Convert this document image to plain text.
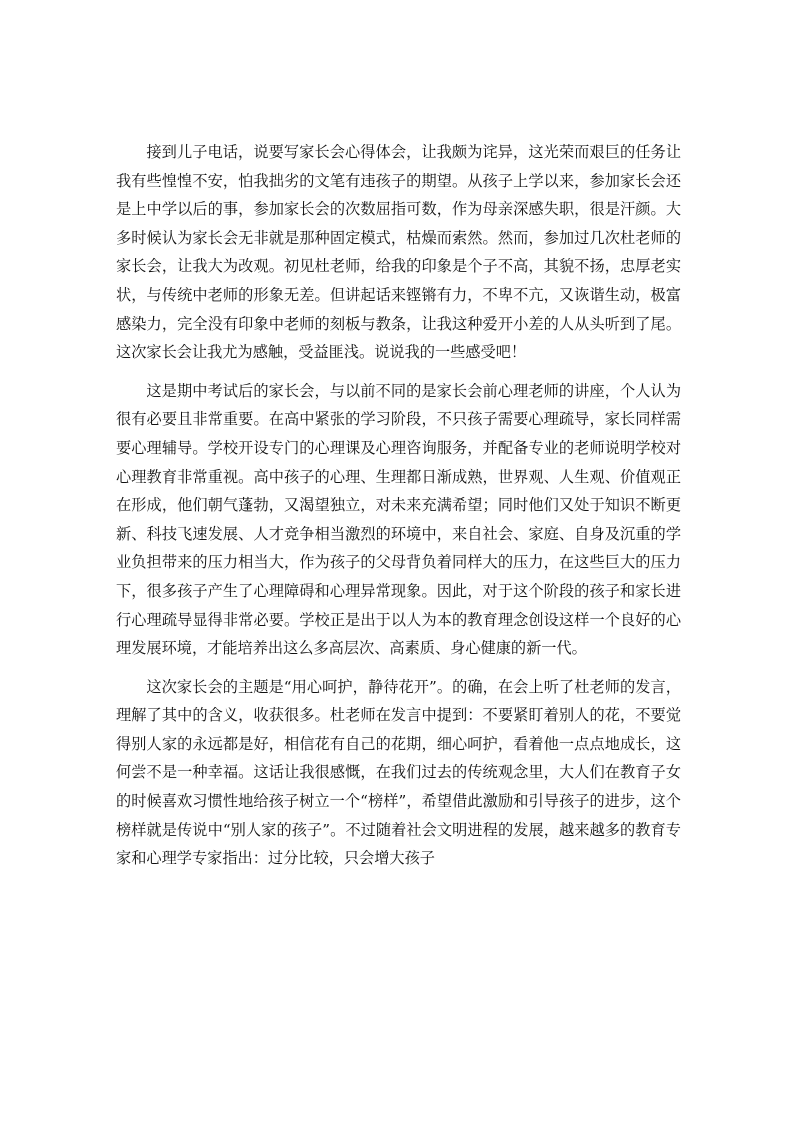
接到儿子电话，说要写家长会心得体会，让我颇为诧异，这光荣而艰巨的任务让我有些惶惶不安，怕我拙劣的文笔有违孩子的期望。从孩子上学以来，参加家长会还是上中学以后的事，参加家长会的次数屈指可数，作为母亲深感失职，很是汗颜。大多时候认为家长会无非就是那种固定模式，枯燥而索然。然而，参加过几次杜老师的家长会，让我大为改观。初见杜老师，给我的印象是个子不高，其貌不扬，忠厚老实状，与传统中老师的形象无差。但讲起话来铿锵有力，不卑不亢，又诙谐生动，极富感染力，完全没有印象中老师的刻板与教条，让我这种爱开小差的人从头听到了尾。这次家长会让我尤为感触，受益匪浅。说说我的一些感受吧！

这是期中考试后的家长会，与以前不同的是家长会前心理老师的讲座，个人认为很有必要且非常重要。在高中紧张的学习阶段，不只孩子需要心理疏导，家长同样需要心理辅导。学校开设专门的心理课及心理咨询服务，并配备专业的老师说明学校对心理教育非常重视。高中孩子的心理、生理都日渐成熟，世界观、人生观、价值观正在形成，他们朝气蓬勃，又渴望独立，对未来充满希望；同时他们又处于知识不断更新、科技飞速发展、人才竞争相当激烈的环境中，来自社会、家庭、自身及沉重的学业负担带来的压力相当大，作为孩子的父母背负着同样大的压力，在这些巨大的压力下，很多孩子产生了心理障碍和心理异常现象。因此，对于这个阶段的孩子和家长进行心理疏导显得非常必要。学校正是出于以人为本的教育理念创设这样一个良好的心理发展环境，才能培养出这么多高层次、高素质、身心健康的新一代。

这次家长会的主题是“用心呵护，静待花开”。的确，在会上听了杜老师的发言，理解了其中的含义，收获很多。杜老师在发言中提到：不要紧盯着别人的花，不要觉得别人家的永远都是好，相信花有自己的花期，细心呵护，看着他一点点地成长，这何尝不是一种幸福。这话让我很感慨，在我们过去的传统观念里，大人们在教育子女的时候喜欢习惯性地给孩子树立一个“榜样”，希望借此激励和引导孩子的进步，这个榜样就是传说中“别人家的孩子”。不过随着社会文明进程的发展，越来越多的教育专家和心理学专家指出：过分比较，只会增大孩子
